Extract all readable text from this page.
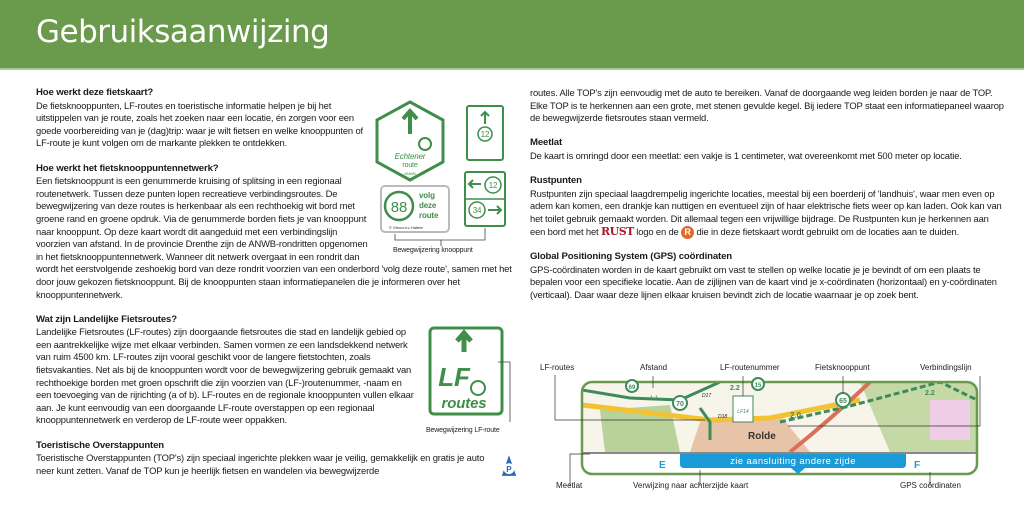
Gebruiksaanwijzing
Hoe werkt deze fietskaart?
Echtener
route
ANWB
12
12
34
88
volg
deze
route
© Grinco b.v. Hattem
Bewegwijzering knooppunt

De fietsknooppunten, LF-routes en toeristische informatie helpen je bij het uitstippelen van je route, zoals het zoeken naar een locatie, én zorgen voor een goede voorbereiding van je (dag)trip: waar je wilt fietsen en welke knooppunten of LF-route je kunt volgen om de markante plekken te ontdekken.

Hoe werkt het fietsknooppuntennetwerk?

Een fietsknooppunt is een genummerde kruising of splitsing in een regionaal routenetwerk. Tussen deze punten lopen recreatieve verbindingsroutes. De bewegwijzering van deze routes is herkenbaar als een rechthoekig wit bord met groene rand en groene opdruk. Via de genummerde borden fiets je van knooppunt naar knooppunt. Op deze kaart wordt dit aangeduid met een verbindingslijn voorzien van afstand. In de provincie Drenthe zijn de ANWB-rondritten opgenomen in het fietsknooppuntennetwerk. Wanneer dit netwerk overgaat in een rondrit dan wordt het eerstvolgende zeshoekig bord van deze rondrit voorzien van een onderbord 'volg deze route', samen met het door jouw gekozen fietsknooppunt. Bij de knooppunten staan informatiepanelen die je informeren over het knooppuntennetwerk.

Wat zijn Landelijke Fietsroutes?
LF
routes
Bewegwijzering LF-route

Landelijke Fietsroutes (LF-routes) zijn doorgaande fietsroutes die stad en landelijk gebied op een aantrekkelijke wijze met elkaar verbinden. Samen vormen ze een landsdekkend netwerk van ruim 4500 km. LF-routes zijn vooral geschikt voor de langere fietstochten, zoals fietsvakanties. Net als bij de knooppunten wordt voor de bewegwijzering gebruik gemaakt van rechthoekige borden met groen opschrift die zijn voorzien van (LF-)routenummer, -naam en een toevoeging van de rijrichting (a of b). LF-routes en de regionale knooppunten vullen elkaar aan. Je kunt eenvoudig van een doorgaande LF-route overstappen op een regionaal knooppuntennetwerk en verderop de LF-route weer oppakken.

Toeristische Overstappunten

Toeristische Overstappunten (TOP's) zijn speciaal ingerichte plekken waar je veilig, gemakkelijk en gratis je auto neer kunt zetten. Vanaf de TOP kun je heerlijk fietsen en wandelen via bewegwijzerde	P

routes. Alle TOP's zijn eenvoudig met de auto te bereiken. Vanaf de doorgaande weg leiden borden je naar de TOP. Elke TOP is te herkennen aan een grote, met stenen gevulde kegel. Bij iedere TOP staat een informatiepaneel waarop de bewegwijzerde fietsroutes staan vermeld.

Meetlat

De kaart is omringd door een meetlat: een vakje is 1 centimeter, wat overeenkomt met 500 meter op locatie.

Rustpunten

Rustpunten zijn speciaal laagdrempelig ingerichte locaties, meestal bij een boerderij of 'landhuis', waar men even op adem kan komen, een drankje kan nuttigen en eventueel zijn of haar elektrische fiets weer op kan laden. Ook kan van het toilet gebruik gemaakt worden. Dit allemaal tegen een vrijwillige bijdrage. De Rustpunten kun je herkennen aan een bord met het RUST logo en de R die in deze fietskaart wordt gebruikt om de locaties aan te duiden.

Global Positioning System (GPS) coördinaten

GPS-coördinaten worden in de kaart gebruikt om vast te stellen op welke locatie je je bevindt of om een plaats te bepalen voor een specifieke locatie. Aan de zijlijnen van de kaart vind je x-coördinaten (horizontaal) en y-coördinaten (verticaal). Daar waar deze lijnen elkaar kruisen bevindt zich de locatie waarnaar je op zoek bent.

69
70	65
15
1.1
2.0
2.2
2.2
D17
D18
LF14
Rolde
zie aansluiting andere zijde
E	F
LF-routes	Afstand	LF-routenummer	Fietsknooppunt	Verbindingslijn
Meetlat	Verwijzing naar achterzijde kaart	GPS coördinaten
